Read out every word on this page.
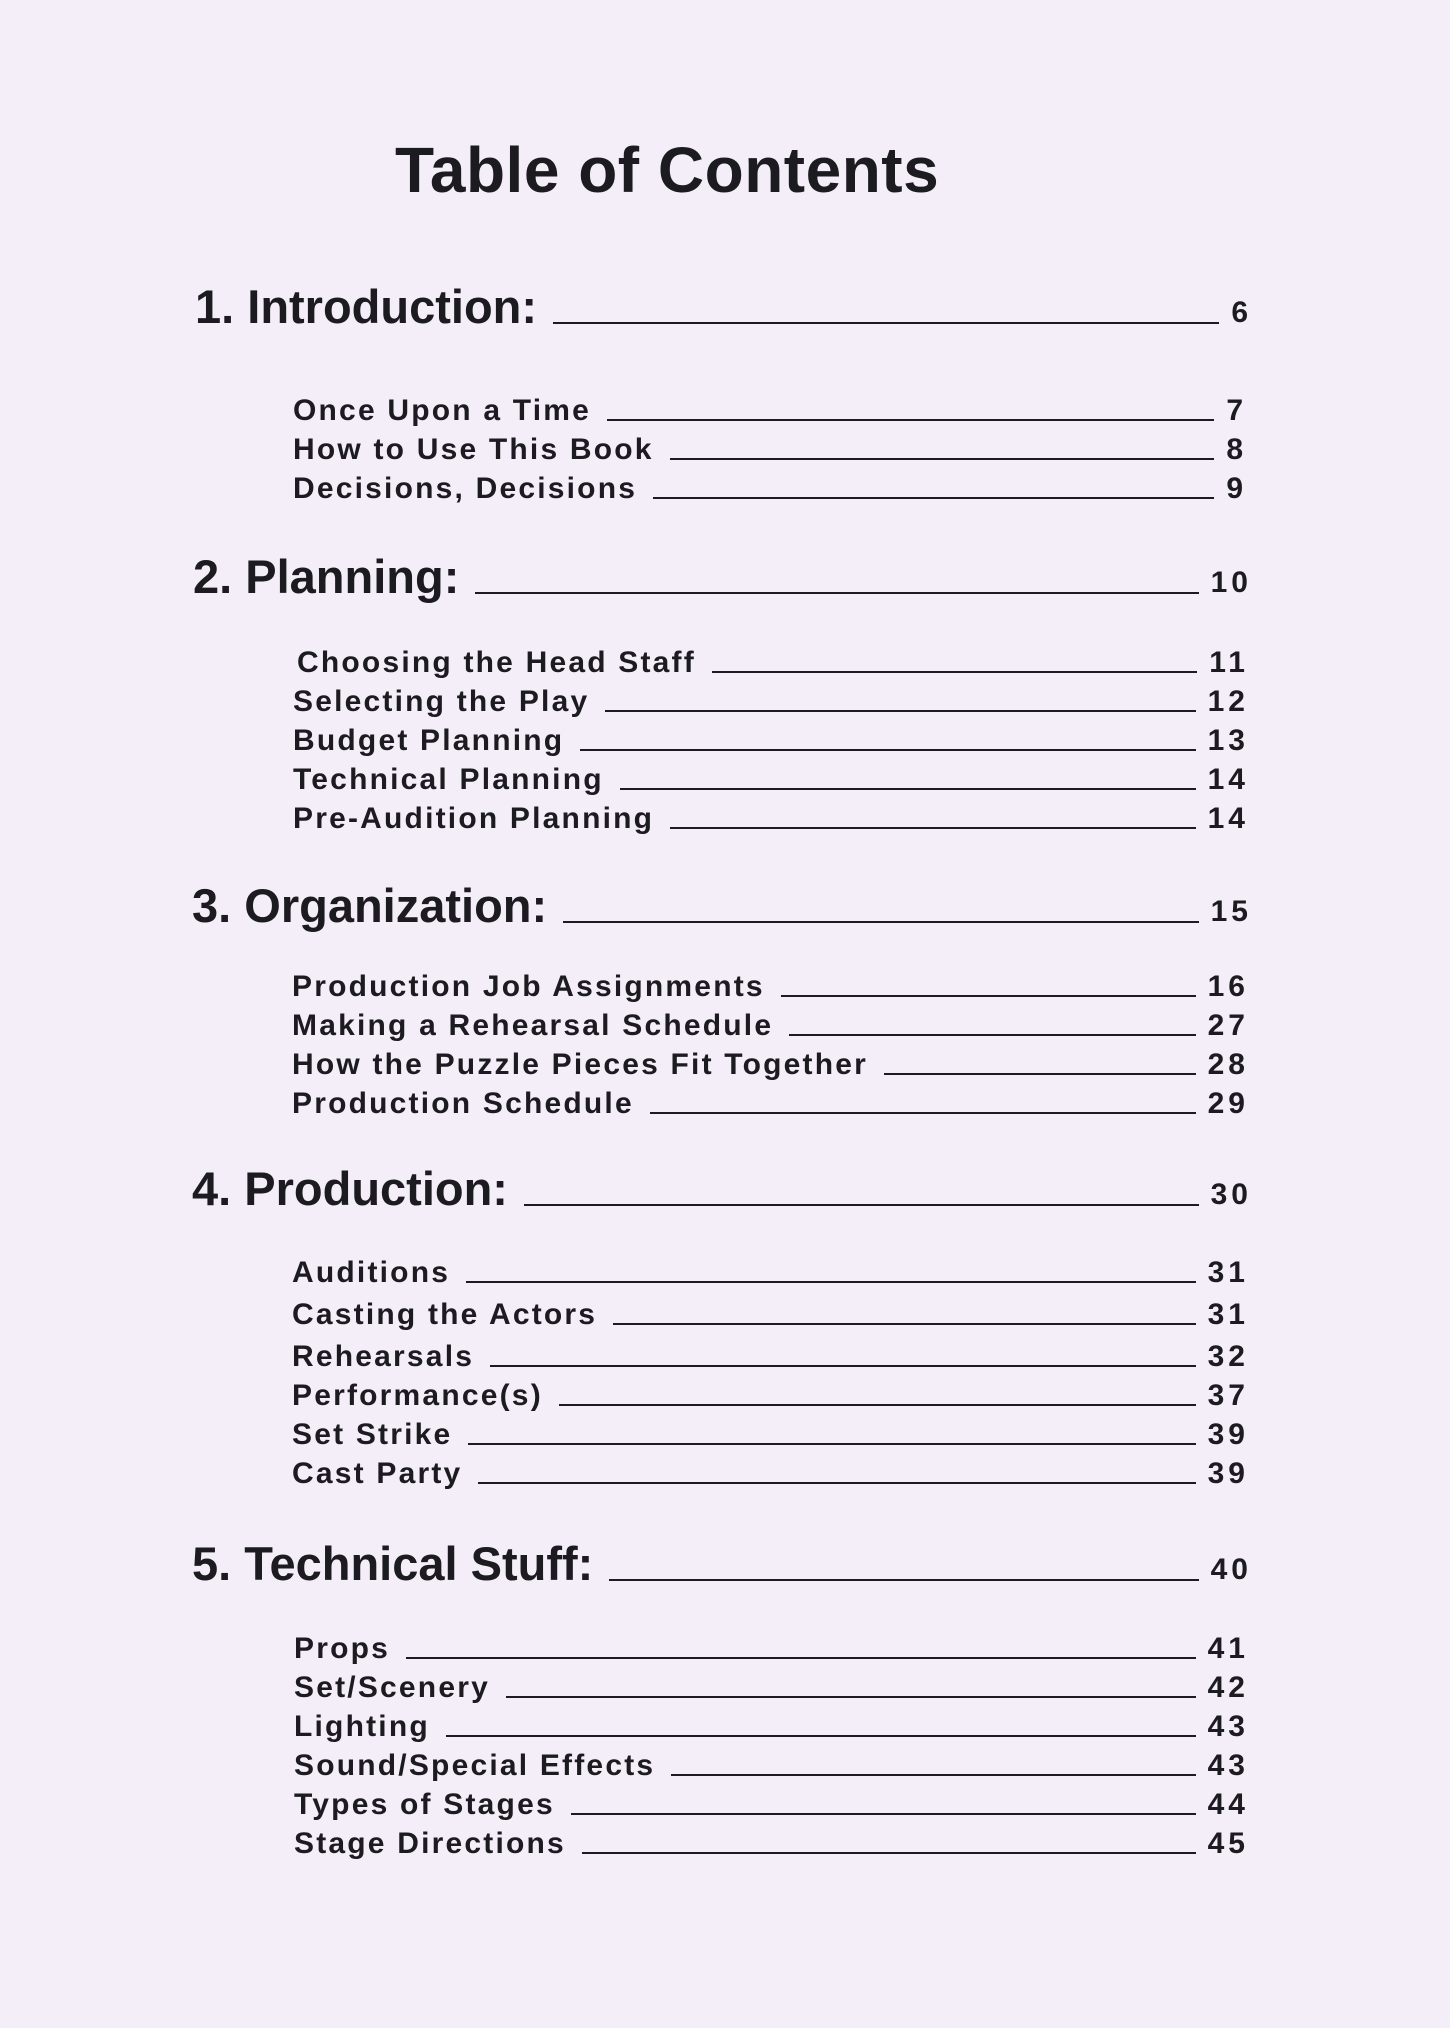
Table of Contents
1. Introduction:	6
Once Upon a Time	7
How to Use This Book	8
Decisions, Decisions	9
2. Planning:	10
Choosing the Head Staff	11
Selecting the Play	12
Budget Planning	13
Technical Planning	14
Pre-Audition Planning	14
3. Organization:	15
Production Job Assignments	16
Making a Rehearsal Schedule	27
How the Puzzle Pieces Fit Together	28
Production Schedule	29
4. Production:	30
Auditions	31
Casting the Actors	31
Rehearsals	32
Performance(s)	37
Set Strike	39
Cast Party	39
5. Technical Stuff:	40
Props	41
Set/Scenery	42
Lighting	43
Sound/Special Effects	43
Types of Stages	44
Stage Directions	45
